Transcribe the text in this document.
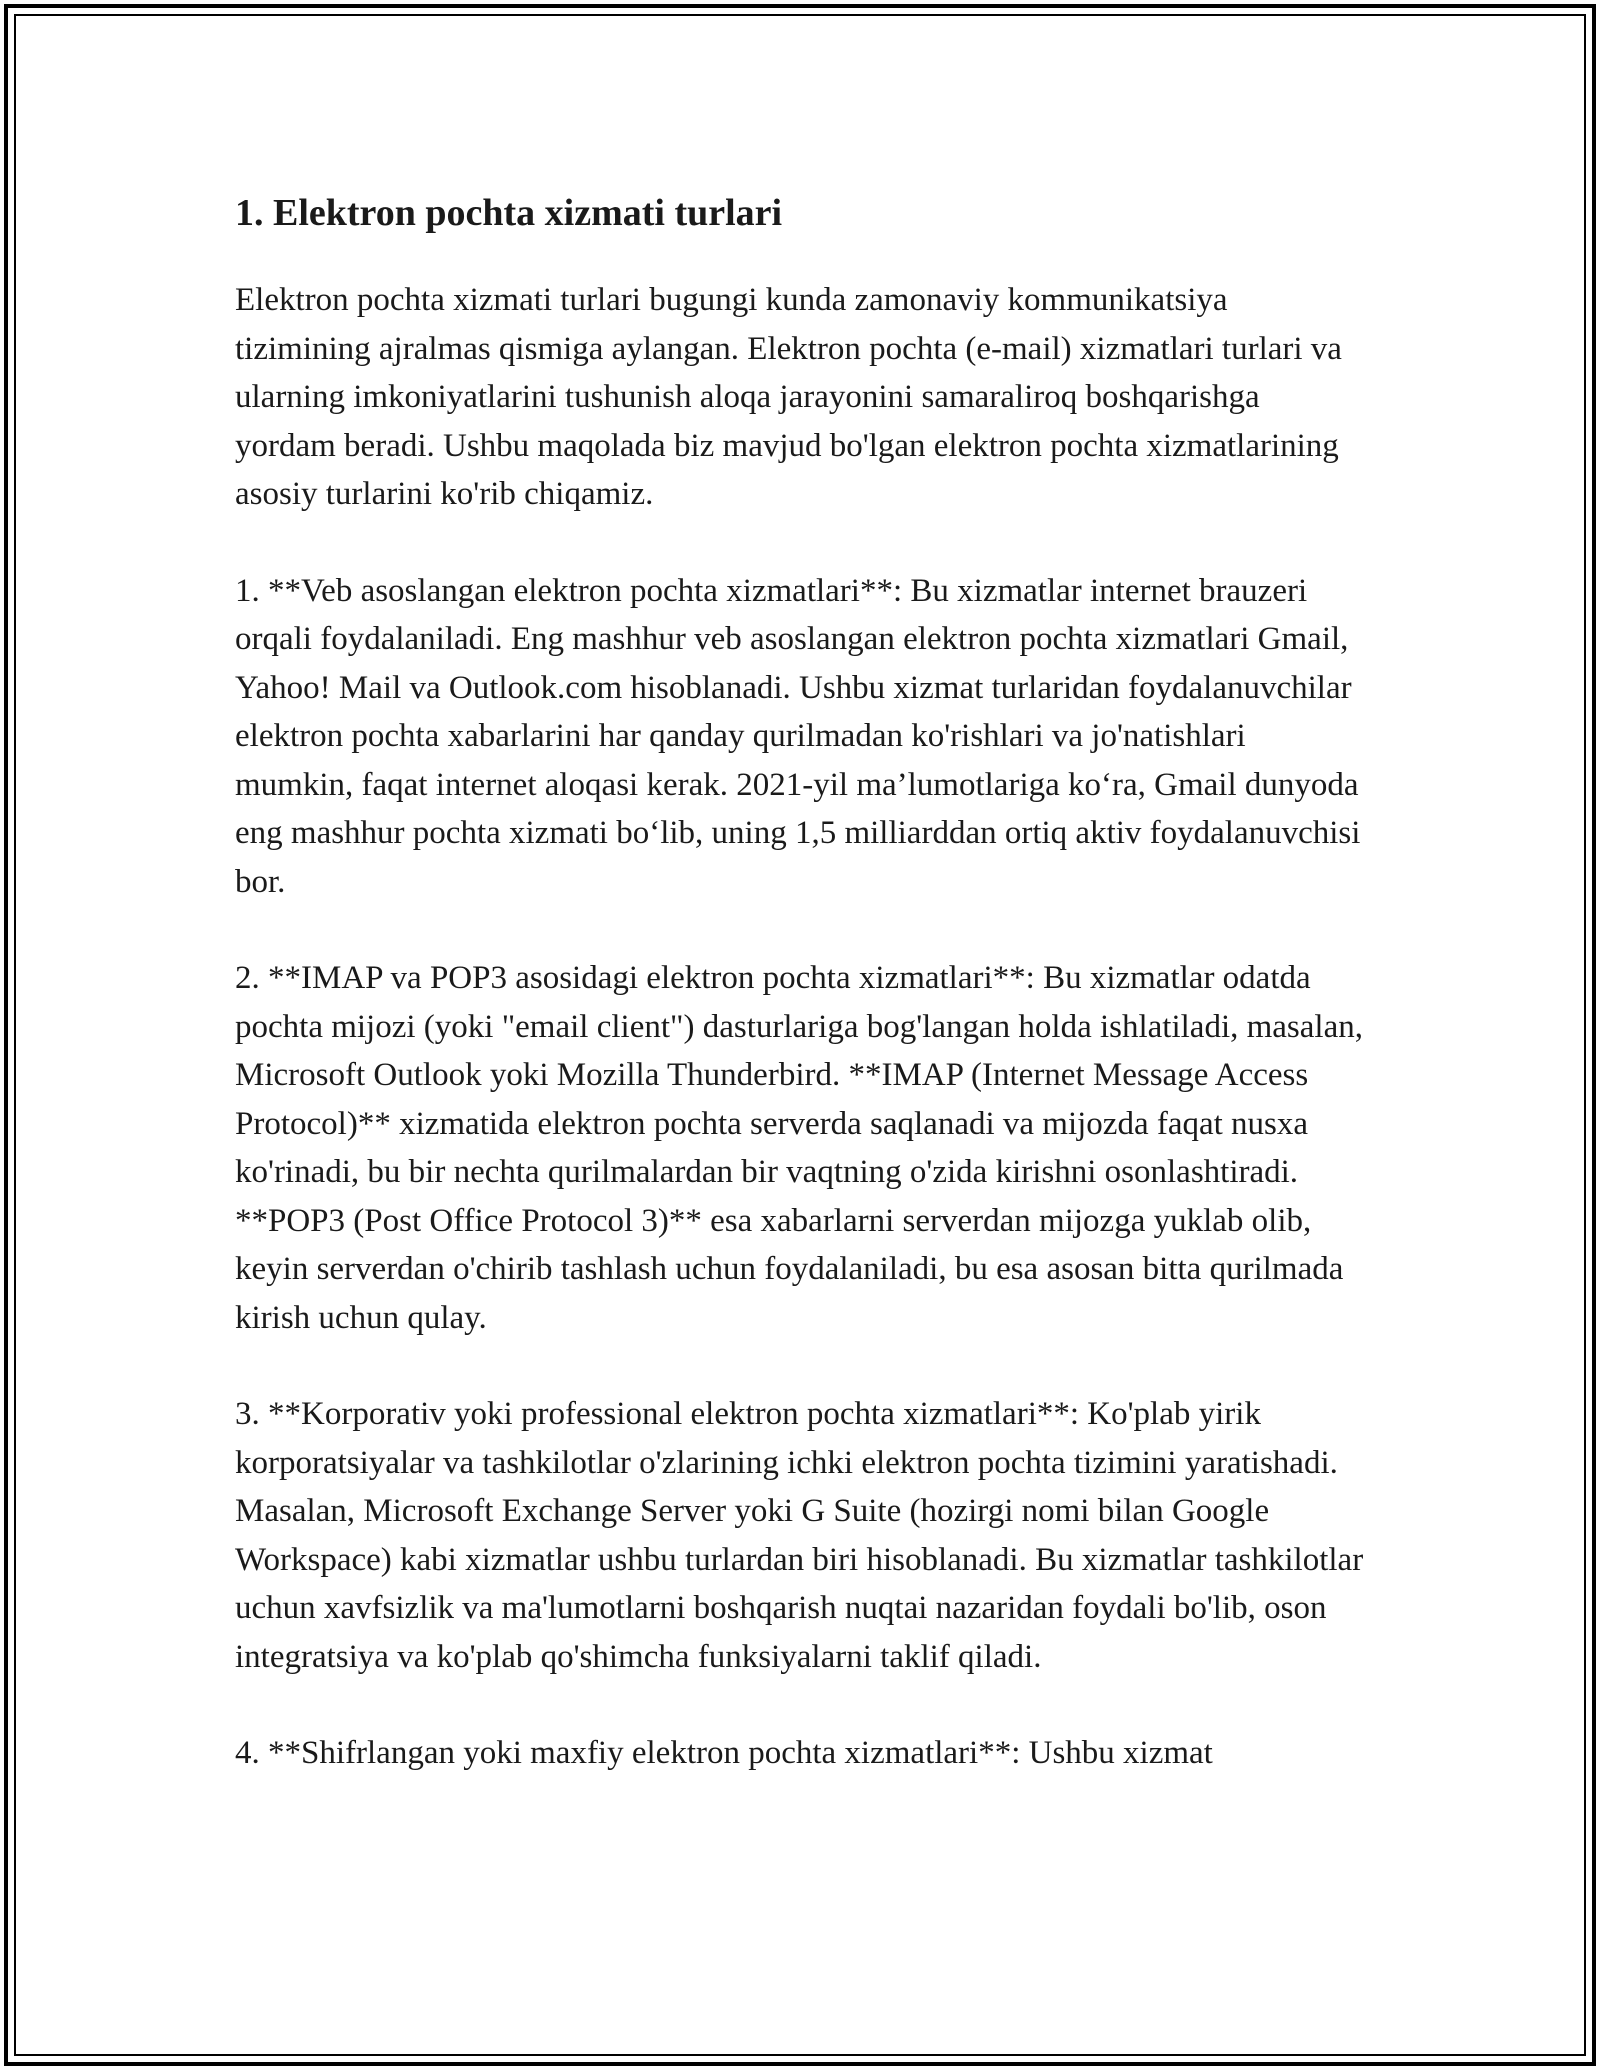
1. Elektron pochta xizmati turlari

Elektron pochta xizmati turlari bugungi kunda zamonaviy kommunikatsiya tizimining ajralmas qismiga aylangan. Elektron pochta (e-mail) xizmatlari turlari va ularning imkoniyatlarini tushunish aloqa jarayonini samaraliroq boshqarishga yordam beradi. Ushbu maqolada biz mavjud bo'lgan elektron pochta xizmatlarining asosiy turlarini ko'rib chiqamiz.

1. **Veb asoslangan elektron pochta xizmatlari**: Bu xizmatlar internet brauzeri orqali foydalaniladi. Eng mashhur veb asoslangan elektron pochta xizmatlari Gmail, Yahoo! Mail va Outlook.com hisoblanadi. Ushbu xizmat turlaridan foydalanuvchilar elektron pochta xabarlarini har qanday qurilmadan ko'rishlari va jo'natishlari mumkin, faqat internet aloqasi kerak. 2021-yil ma’lumotlariga ko‘ra, Gmail dunyoda eng mashhur pochta xizmati bo‘lib, uning 1,5 milliarddan ortiq aktiv foydalanuvchisi bor.

2. **IMAP va POP3 asosidagi elektron pochta xizmatlari**: Bu xizmatlar odatda pochta mijozi (yoki "email client") dasturlariga bog'langan holda ishlatiladi, masalan, Microsoft Outlook yoki Mozilla Thunderbird. **IMAP (Internet Message Access Protocol)** xizmatida elektron pochta serverda saqlanadi va mijozda faqat nusxa ko'rinadi, bu bir nechta qurilmalardan bir vaqtning o'zida kirishni osonlashtiradi. **POP3 (Post Office Protocol 3)** esa xabarlarni serverdan mijozga yuklab olib, keyin serverdan o'chirib tashlash uchun foydalaniladi, bu esa asosan bitta qurilmada kirish uchun qulay.

3. **Korporativ yoki professional elektron pochta xizmatlari**: Ko'plab yirik korporatsiyalar va tashkilotlar o'zlarining ichki elektron pochta tizimini yaratishadi. Masalan, Microsoft Exchange Server yoki G Suite (hozirgi nomi bilan Google Workspace) kabi xizmatlar ushbu turlardan biri hisoblanadi. Bu xizmatlar tashkilotlar uchun xavfsizlik va ma'lumotlarni boshqarish nuqtai nazaridan foydali bo'lib, oson integratsiya va ko'plab qo'shimcha funksiyalarni taklif qiladi.

4. **Shifrlangan yoki maxfiy elektron pochta xizmatlari**: Ushbu xizmat
